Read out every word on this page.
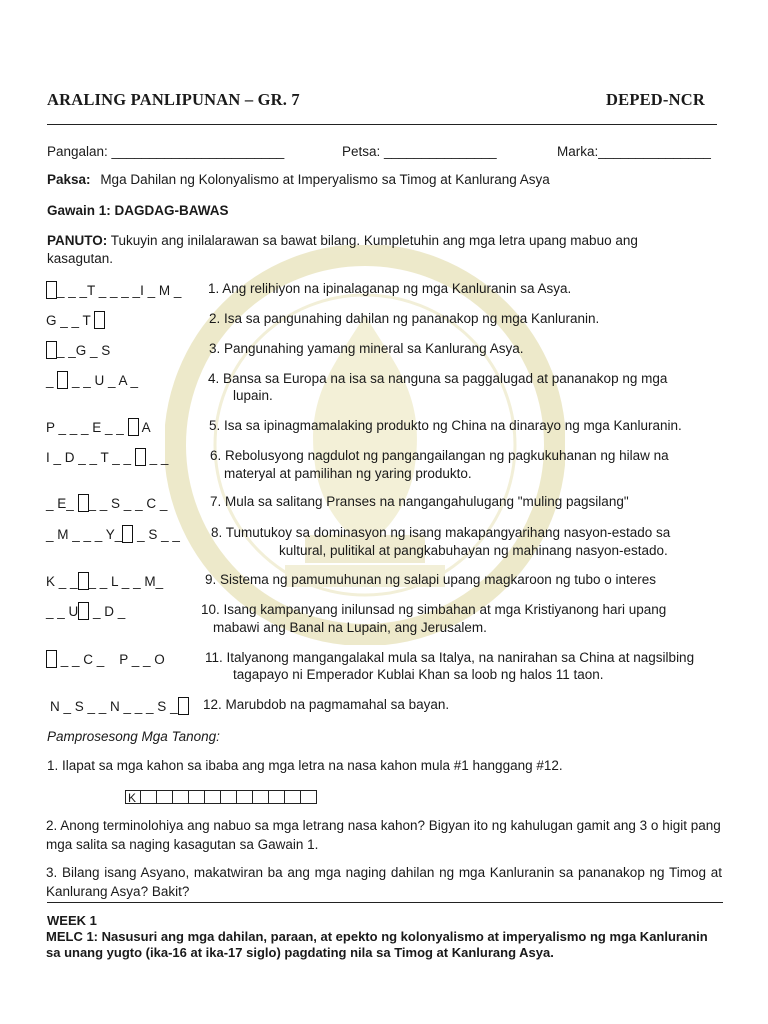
ARALING PANLIPUNAN – GR. 7	DEPED-NCR
Pangalan: _______________________	Petsa: _______________	Marka:_______________
Paksa: Mga Dahilan ng Kolonyalismo at Imperyalismo sa Timog at Kanlurang Asya
Gawain 1: DAGDAG-BAWAS
PANUTO: Tukuyin ang inilalarawan sa bawat bilang. Kumpletuhin ang mga letra upang mabuo ang
kasagutan.
_ _ _T _ _ _ _I _ M _ 1. Ang relihiyon na ipinalaganap ng mga Kanluranin sa Asya.
G _ _ T	2. Isa sa pangunahing dahilan ng pananakop ng mga Kanluranin.
_ _G _ S	3. Pangunahing yamang mineral sa Kanlurang Asya.
_  _ _ U _ A _	4. Bansa sa Europa na isa sa nanguna sa paggalugad at pananakop ng mga
lupain.
P _ _ _ E _ _  A	5. Isa sa ipinagmamalaking produkto ng China na dinarayo ng mga Kanluranin.
I _ D _ _ T _ _  _ _	6. Rebolusyong nagdulot ng pangangailangan ng pagkukuhanan ng hilaw na
materyal at pamilihan ng yaring produkto.
_ E_ _ _ S _ _ C _	7. Mula sa salitang Pranses na nangangahulugang "muling pagsilang"
_ M _ _ _ Y_ _ S _ _ 8. Tumutukoy sa dominasyon ng isang makapangyarihang nasyon-estado sa
kultural, pulitikal at pangkabuhayan ng mahinang nasyon-estado.
K _ _ _ _ L _ _ M_	9. Sistema ng pamumuhunan ng salapi upang magkaroon ng tubo o interes
_ _ U _ D _	10. Isang kampanyang inilunsad ng simbahan at mga Kristiyanong hari upang
mabawi ang Banal na Lupain, ang Jerusalem.
_ _ C _    P _ _ O	11. Italyanong mangangalakal mula sa Italya, na nanirahan sa China at nagsilbing
tagapayo ni Emperador Kublai Khan sa loob ng halos 11 taon.
N _ S _ _ N _ _ _ S _	12. Marubdob na pagmamahal sa bayan.
Pamprosesong Mga Tanong:
1. Ilapat sa mga kahon sa ibaba ang mga letra na nasa kahon mula #1 hanggang #12.
K
2. Anong terminolohiya ang nabuo sa mga letrang nasa kahon? Bigyan ito ng kahulugan gamit ang 3 o higit pang mga salita sa naging kasagutan sa Gawain 1.
3. Bilang isang Asyano, makatwiran ba ang mga naging dahilan ng mga Kanluranin sa pananakop ng Timog at Kanlurang Asya? Bakit?
WEEK 1
MELC 1: Nasusuri ang mga dahilan, paraan, at epekto ng kolonyalismo at imperyalismo ng mga Kanluranin sa unang yugto (ika-16 at ika-17 siglo) pagdating nila sa Timog at Kanlurang Asya.
